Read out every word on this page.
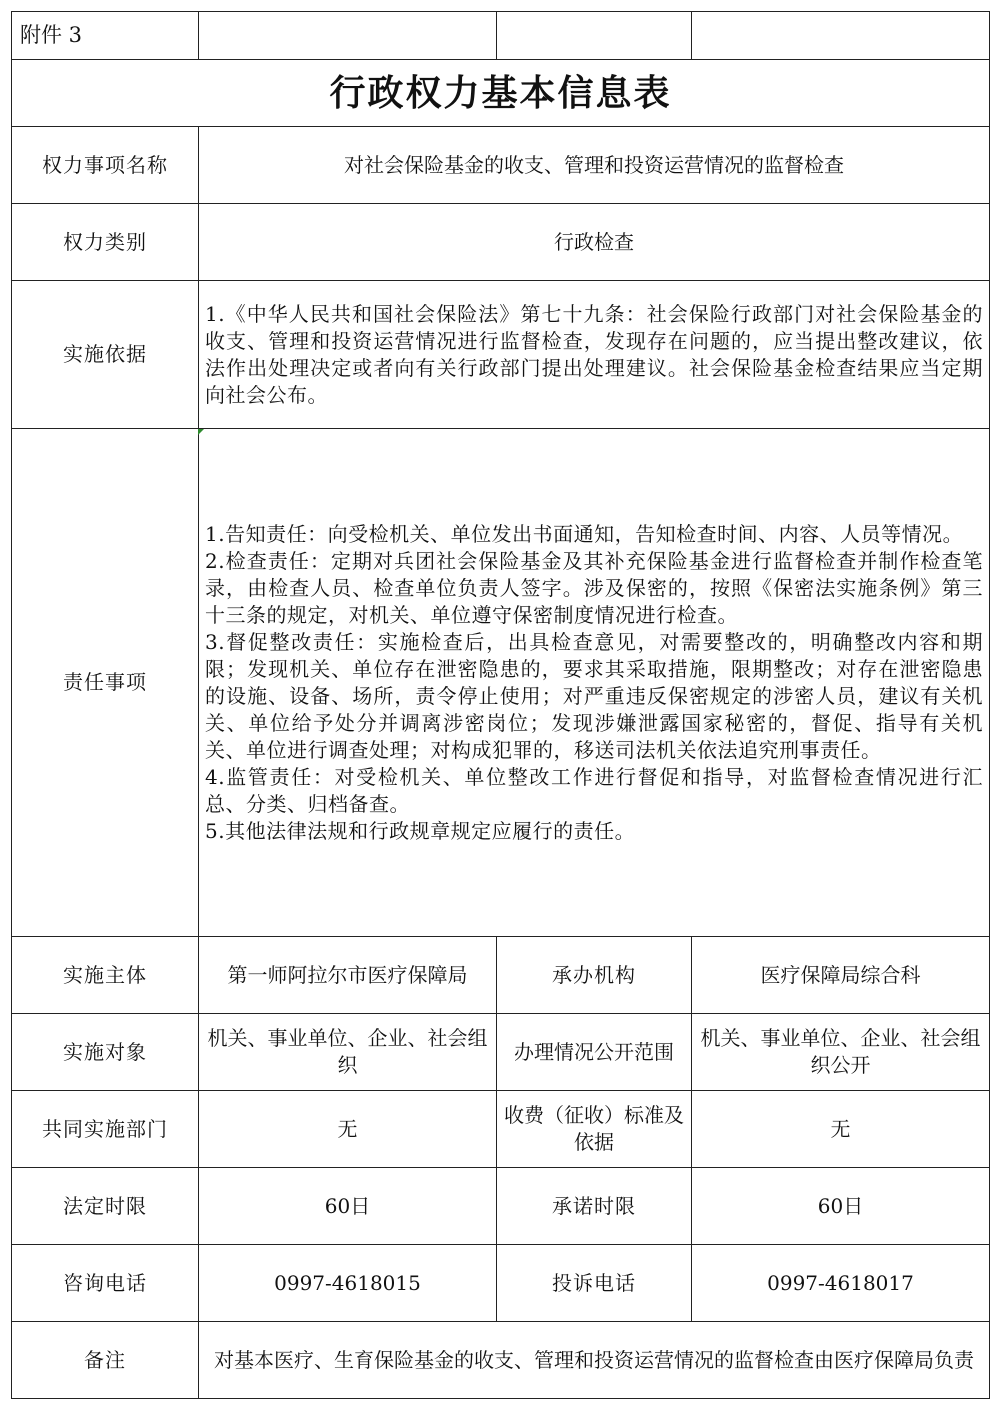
附件 3			
行政权力基本信息表			
权力事项名称	对社会保险基金的收支、管理和投资运营情况的监督检查		
权力类别	行政检查		
实施依据	1.《中华人民共和国社会保险法》第七十九条：社会保险行政部门对社会保险基金的收支、管理和投资运营情况进行监督检查，发现存在问题的，应当提出整改建议，依法作出处理决定或者向有关行政部门提出处理建议。社会保险基金检查结果应当定期向社会公布。		

责任事项	1.告知责任：向受检机关、单位发出书面通知，告知检查时间、内容、人员等情况。
2.检查责任：定期对兵团社会保险基金及其补充保险基金进行监督检查并制作检查笔录，由检查人员、检查单位负责人签字。涉及保密的，按照《保密法实施条例》第三十三条的规定，对机关、单位遵守保密制度情况进行检查。
3.督促整改责任：实施检查后，出具检查意见，对需要整改的，明确整改内容和期限；发现机关、单位存在泄密隐患的，要求其采取措施，限期整改；对存在泄密隐患的设施、设备、场所，责令停止使用；对严重违反保密规定的涉密人员，建议有关机关、单位给予处分并调离涉密岗位；发现涉嫌泄露国家秘密的，督促、指导有关机关、单位进行调查处理；对构成犯罪的，移送司法机关依法追究刑事责任。
4.监管责任：对受检机关、单位整改工作进行督促和指导，对监督检查情况进行汇总、分类、归档备查。
5.其他法律法规和行政规章规定应履行的责任。		

实施主体	第一师阿拉尔市医疗保障局	承办机构	医疗保障局综合科
实施对象	机关、事业单位、企业、社会组织	办理情况公开范围	机关、事业单位、企业、社会组织公开
共同实施部门	无	收费（征收）标准及依据	无
法定时限	60日	承诺时限	60日
咨询电话	0997-4618015	投诉电话	0997-4618017
备注	对基本医疗、生育保险基金的收支、管理和投资运营情况的监督检查由医疗保障局负责		
